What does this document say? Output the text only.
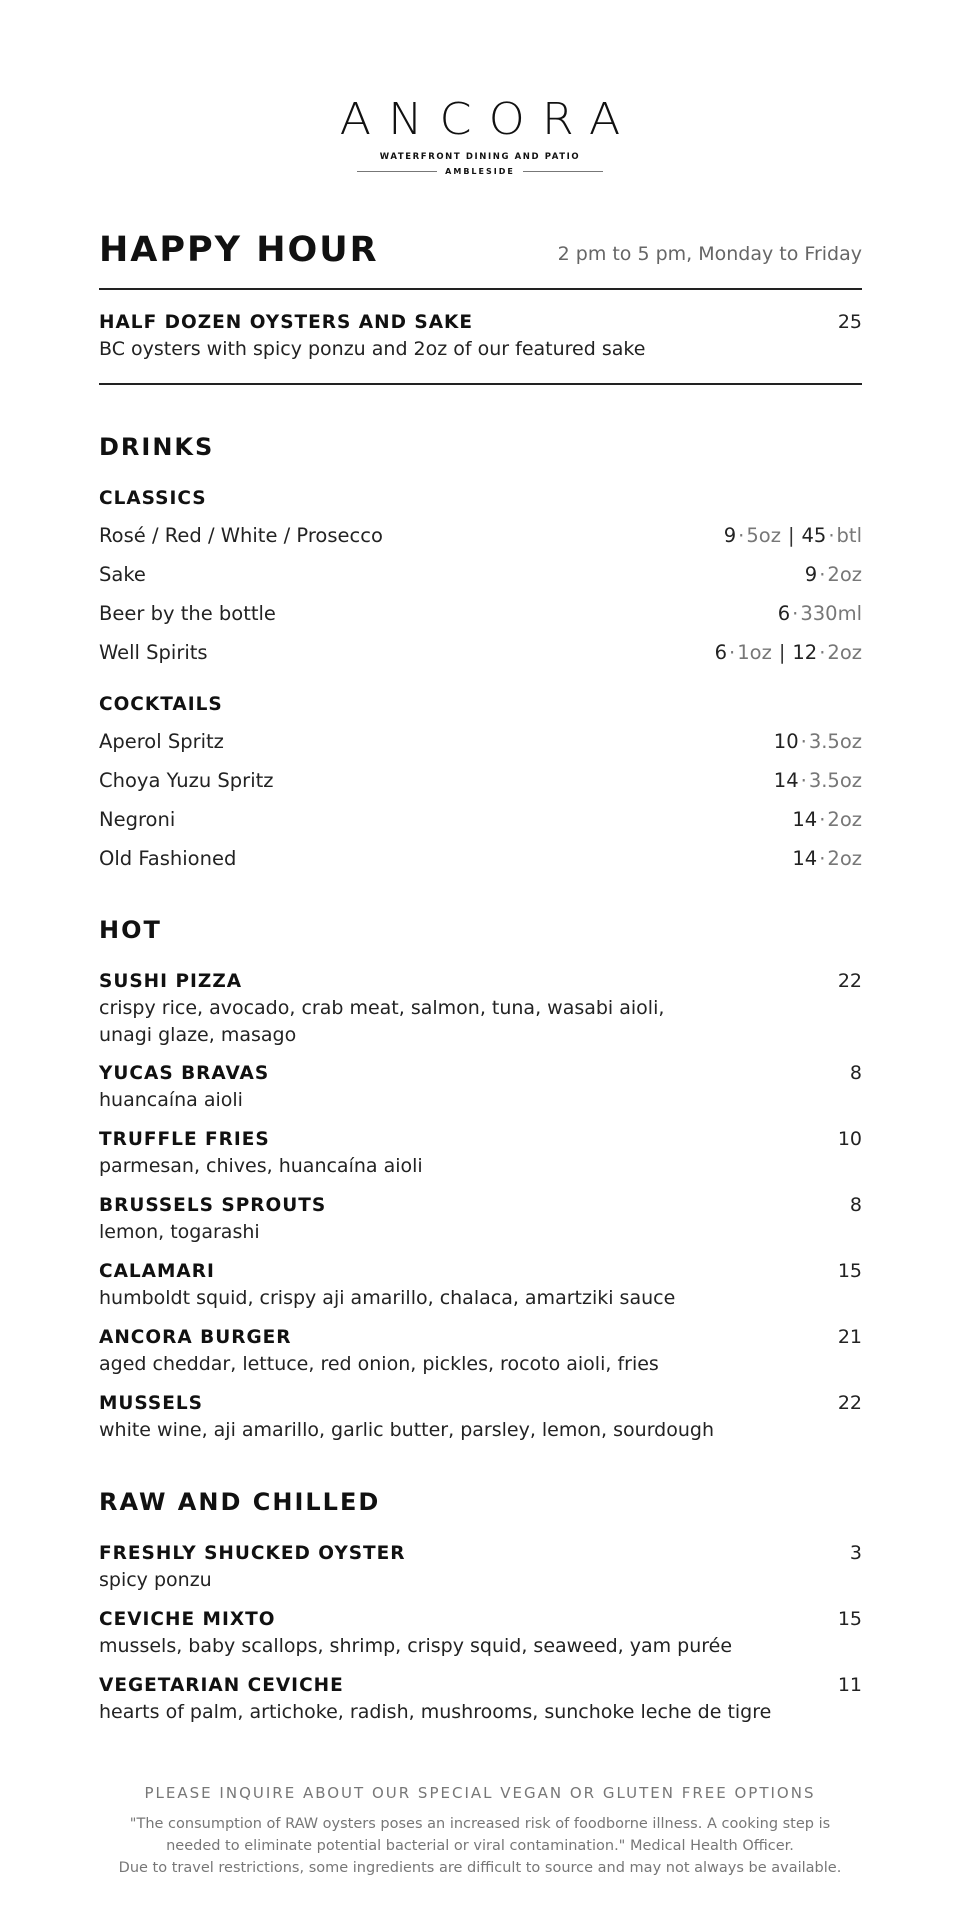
ANCORA
WATERFRONT DINING AND PATIO
AMBLESIDE
HAPPY HOUR	2 pm to 5 pm, Monday to Friday
HALF DOZEN OYSTERS AND SAKE	25
BC oysters with spicy ponzu and 2oz of our featured sake
DRINKS
CLASSICS
Rosé / Red / White / Prosecco	9 · 5oz | 45 · btl
Sake	9 · 2oz
Beer by the bottle	6 · 330ml
Well Spirits	6 · 1oz | 12 · 2oz
COCKTAILS
Aperol Spritz	10 · 3.5oz
Choya Yuzu Spritz	14 · 3.5oz
Negroni	14 · 2oz
Old Fashioned	14 · 2oz
HOT
SUSHI PIZZA	22
crispy rice, avocado, crab meat, salmon, tuna, wasabi aioli,
unagi glaze, masago
YUCAS BRAVAS	8
huancaína aioli
TRUFFLE FRIES	10
parmesan, chives, huancaína aioli
BRUSSELS SPROUTS	8
lemon, togarashi
CALAMARI	15
humboldt squid, crispy aji amarillo, chalaca, amartziki sauce
ANCORA BURGER	21
aged cheddar, lettuce, red onion, pickles, rocoto aioli, fries
MUSSELS	22
white wine, aji amarillo, garlic butter, parsley, lemon, sourdough
RAW AND CHILLED
FRESHLY SHUCKED OYSTER	3
spicy ponzu
CEVICHE MIXTO	15
mussels, baby scallops, shrimp, crispy squid, seaweed, yam purée
VEGETARIAN CEVICHE	11
hearts of palm, artichoke, radish, mushrooms, sunchoke leche de tigre
PLEASE INQUIRE ABOUT OUR SPECIAL VEGAN OR GLUTEN FREE OPTIONS
"The consumption of RAW oysters poses an increased risk of foodborne illness. A cooking step is
needed to eliminate potential bacterial or viral contamination." Medical Health Officer.
Due to travel restrictions, some ingredients are difficult to source and may not always be available.
